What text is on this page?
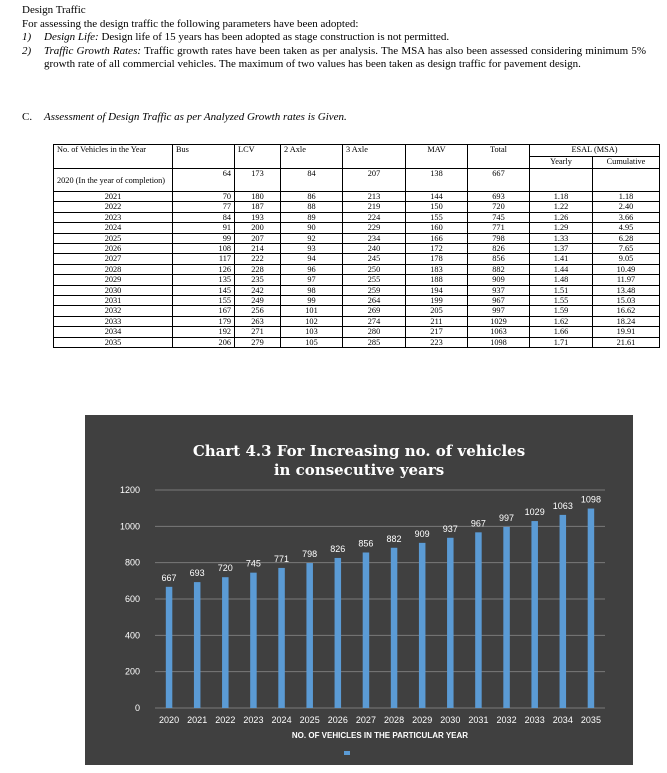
Design Traffic

For assessing the design traffic the following parameters have been adopted:

1) Design Life: Design life of 15 years has been adopted as stage construction is not permitted.
2) Traffic Growth Rates: Traffic growth rates have been taken as per analysis. The MSA has also been assessed considering minimum 5% growth rate of all commercial vehicles. The maximum of two values has been taken as design traffic for pavement design.
C. Assessment of Design Traffic as per Analyzed Growth rates is Given.
No. of Vehicles in the Year	Bus	LCV	2 Axle	3 Axle	MAV	Total	ESAL (MSA)	
							Yearly	Cumulative
2020 (In the year of completion)	64	173	84	207	138	667		
2021	70	180	86	213	144	693	1.18	1.18
2022	77	187	88	219	150	720	1.22	2.40
2023	84	193	89	224	155	745	1.26	3.66
2024	91	200	90	229	160	771	1.29	4.95
2025	99	207	92	234	166	798	1.33	6.28
2026	108	214	93	240	172	826	1.37	7.65
2027	117	222	94	245	178	856	1.41	9.05
2028	126	228	96	250	183	882	1.44	10.49
2029	135	235	97	255	188	909	1.48	11.97
2030	145	242	98	259	194	937	1.51	13.48
2031	155	249	99	264	199	967	1.55	15.03
2032	167	256	101	269	205	997	1.59	16.62
2033	179	263	102	274	211	1029	1.62	18.24
2034	192	271	103	280	217	1063	1.66	19.91
2035	206	279	105	285	223	1098	1.71	21.61
Chart 4.3 For Increasing no. of vehicles in consecutive years
0
200
400
600
800
1000
1200
667
2020
693
2021
720
2022
745
2023
771
2024
798
2025
826
2026
856
2027
882
2028
909
2029
937
2030
967
2031
997
2032
1029
2033
1063
2034
1098
2035
NO. OF VEHICLES IN THE PARTICULAR YEAR
